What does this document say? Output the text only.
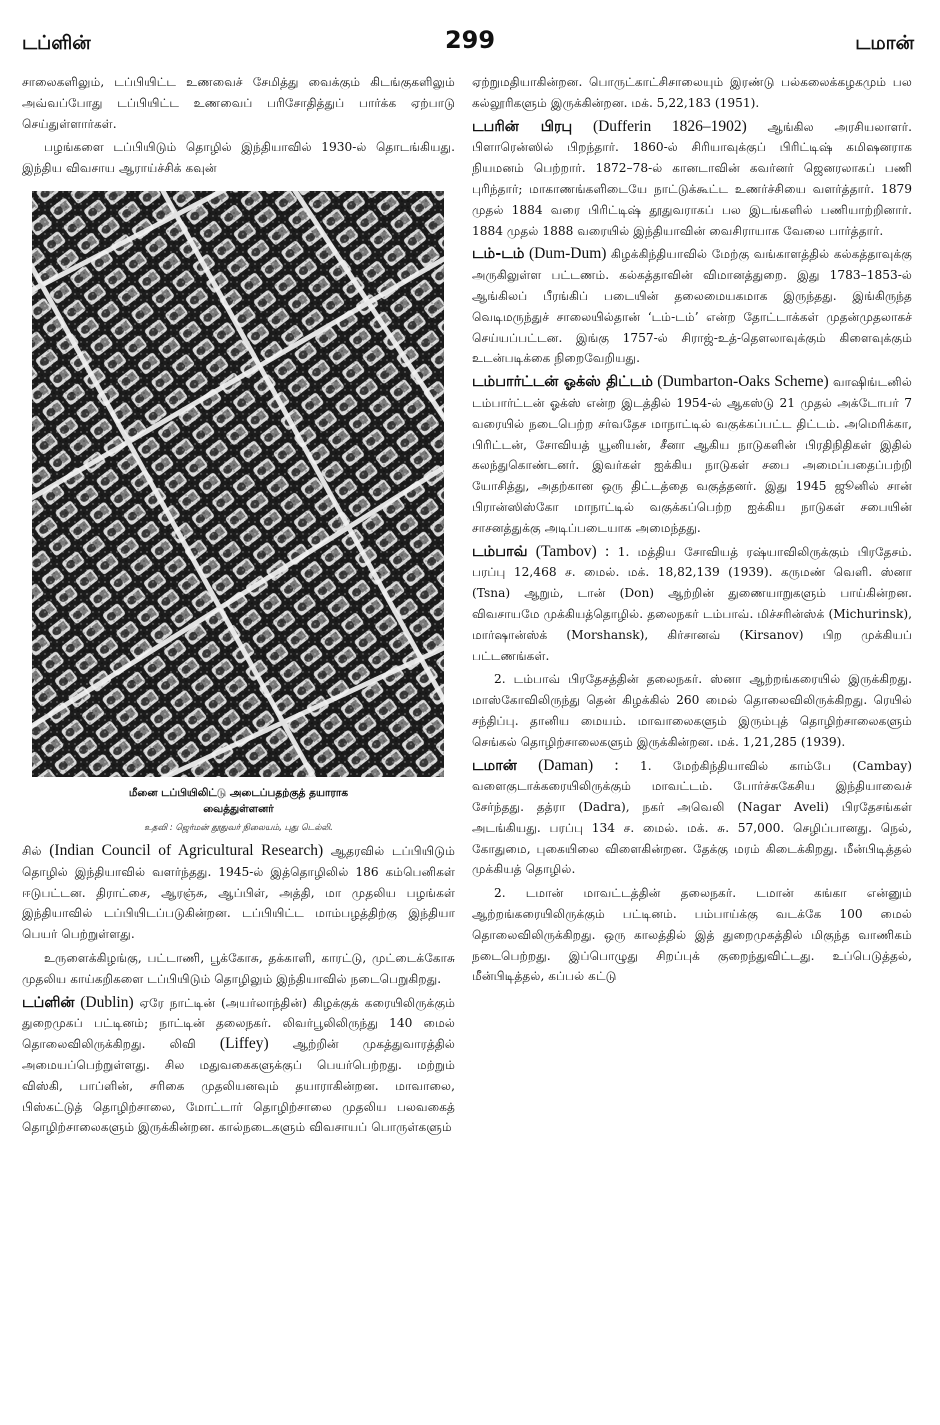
டப்ளின்	299	டமான்

சாலைகளிலும், டப்பியிட்ட உணவைச் சேமித்து வைக்கும் கிடங்குகளிலும் அவ்வப்போது டப்பியிட்ட உணவைப் பரிசோதித்துப் பார்க்க ஏற்பாடு செய்துள்ளார்கள்.

பழங்களை டப்பியிடும் தொழில் இந்தியாவில் 1930-ல் தொடங்கியது. இந்திய விவசாய ஆராய்ச்சிக் கவுன்

மீனை டப்பியிலிட்டு அடைப்பதற்குத் தயாராக
வைத்துள்ளனர்
உதவி : ஜெர்மன் தூதுவர் நிலையம், புது டெல்லி.

சில் (Indian Council of Agricultural Research) ஆதரவில் டப்பியிடும் தொழில் இந்தியாவில் வளர்ந்தது. 1945-ல் இத்தொழிலில் 186 கம்பெனிகள் ஈடுபட்டன. திராட்சை, ஆரஞ்சு, ஆப்பிள், அத்தி, மா முதலிய பழங்கள் இந்தியாவில் டப்பியிடப்படுகின்றன. டப்பியிட்ட மாம்பழத்திற்கு இந்தியா பெயர் பெற்றுள்ளது.

உருளைக்கிழங்கு, பட்டாணி, பூக்கோசு, தக்காளி, காரட்டு, முட்டைக்கோசு முதலிய காய்கறிகளை டப்பியிடும் தொழிலும் இந்தியாவில் நடைபெறுகிறது.

டப்ளின் (Dublin) ஏரே நாட்டின் (அயர்லாந்தின்) கிழக்குக் கரையிலிருக்கும் துறைமுகப் பட்டினம்; நாட்டின் தலைநகர். லிவர்பூலிலிருந்து 140 மைல் தொலைவிலிருக்கிறது. லிவி (Liffey) ஆற்றின் முகத்துவாரத்தில் அமையப்பெற்றுள்ளது. சில மதுவகைகளுக்குப் பெயர்பெற்றது. மற்றும் விஸ்கி, பாப்ளின், சரிகை முதலியனவும் தயாராகின்றன. மாவாலை, பிஸ்கட்டுத் தொழிற்சாலை, மோட்டார் தொழிற்சாலை முதலிய பலவகைத் தொழிற்சாலைகளும் இருக்கின்றன. கால்நடைகளும் விவசாயப் பொருள்களும்

ஏற்றுமதியாகின்றன. பொருட்காட்சிசாலையும் இரண்டு பல்கலைக்கழகமும் பல கல்லூரிகளும் இருக்கின்றன. மக். 5,22,183 (1951).

டபரின் பிரபு (Dufferin 1826–1902) ஆங்கில அரசியலாளர். பிளாரென்ஸில் பிறந்தார். 1860-ல் சிரியாவுக்குப் பிரிட்டிஷ் கமிஷனராக நியமனம் பெற்றார். 1872–78-ல் கானடாவின் கவர்னர் ஜெனரலாகப் பணி புரிந்தார்; மாகாணங்களிடையே நாட்டுக்கூட்ட உணர்ச்சியை வளர்த்தார். 1879 முதல் 1884 வரை பிரிட்டிஷ் தூதுவராகப் பல இடங்களில் பணியாற்றினார். 1884 முதல் 1888 வரையில் இந்தியாவின் வைசிராயாக வேலை பார்த்தார்.

டம்-டம் (Dum-Dum) கிழக்கிந்தியாவில் மேற்கு வங்காளத்தில் கல்கத்தாவுக்கு அருகிலுள்ள பட்டணம். கல்கத்தாவின் விமானத்துறை. இது 1783–1853-ல் ஆங்கிலப் பீரங்கிப் படையின் தலைமையகமாக இருந்தது. இங்கிருந்த வெடிமருந்துச் சாலையில்தான் ‘டம்-டம்’ என்ற தோட்டாக்கள் முதன்முதலாகச் செய்யப்பட்டன. இங்கு 1757-ல் சிராஜ்-உத்-தௌலாவுக்கும் கிளைவுக்கும் உடன்படிக்கை நிறைவேறியது.

டம்பார்ட்டன் ஓக்ஸ் திட்டம் (Dumbarton-Oaks Scheme) வாஷிங்டனில் டம்பார்ட்டன் ஓக்ஸ் என்ற இடத்தில் 1954-ல் ஆகஸ்டு 21 முதல் அக்டோபர் 7 வரையில் நடைபெற்ற சர்வதேச மாநாட்டில் வகுக்கப்பட்ட திட்டம். அமெரிக்கா, பிரிட்டன், சோவியத் யூனியன், சீனா ஆகிய நாடுகளின் பிரதிநிதிகள் இதில் கலந்துகொண்டனர். இவர்கள் ஐக்கிய நாடுகள் சபை அமைப்பதைப்பற்றி யோசித்து, அதற்கான ஒரு திட்டத்தை வகுத்தனர். இது 1945 ஜூனில் சான் பிரான்ஸிஸ்கோ மாநாட்டில் வகுக்கப்பெற்ற ஐக்கிய நாடுகள் சபையின் சாசனத்துக்கு அடிப்படையாக அமைந்தது.

டம்பாவ் (Tambov) : 1. மத்திய சோவியத் ரஷ்யாவிலிருக்கும் பிரதேசம். பரப்பு 12,468 ச. மைல். மக். 18,82,139 (1939). கருமண் வெளி. ஸ்னா (Tsna) ஆறும், டான் (Don) ஆற்றின் துணையாறுகளும் பாய்கின்றன. விவசாயமே முக்கியத்தொழில். தலைநகர் டம்பாவ். மிச்சரின்ஸ்க் (Michurinsk), மார்ஷான்ஸ்க் (Morshansk), கிர்சானவ் (Kirsanov) பிற முக்கியப் பட்டணங்கள்.

2. டம்பாவ் பிரதேசத்தின் தலைநகர். ஸ்னா ஆற்றங்கரையில் இருக்கிறது. மாஸ்கோவிலிருந்து தென் கிழக்கில் 260 மைல் தொலைவிலிருக்கிறது. ரெயில் சந்திப்பு. தானிய மையம். மாவாலைகளும் இரும்புத் தொழிற்சாலைகளும் செங்கல் தொழிற்சாலைகளும் இருக்கின்றன. மக். 1,21,285 (1939).

டமான் (Daman) : 1. மேற்கிந்தியாவில் காம்பே (Cambay) வளைகுடாக்கரையிலிருக்கும் மாவட்டம். போர்ச்சுகேசிய இந்தியாவைச் சேர்ந்தது. தத்ரா (Dadra), நகர் அவெலி (Nagar Aveli) பிரதேசங்கள் அடங்கியது. பரப்பு 134 ச. மைல். மக். சு. 57,000. செழிப்பானது. நெல், கோதுமை, புகையிலை விளைகின்றன. தேக்கு மரம் கிடைக்கிறது. மீன்பிடித்தல் முக்கியத் தொழில்.

2. டமான் மாவட்டத்தின் தலைநகர். டமான் கங்கா என்னும் ஆற்றங்கரையிலிருக்கும் பட்டினம். பம்பாய்க்கு வடக்கே 100 மைல் தொலைவிலிருக்கிறது. ஒரு காலத்தில் இத் துறைமுகத்தில் மிகுந்த வாணிகம் நடைபெற்றது. இப்பொழுது சிறப்புக் குறைந்துவிட்டது. உப்பெடுத்தல், மீன்பிடித்தல், கப்பல் கட்டு
